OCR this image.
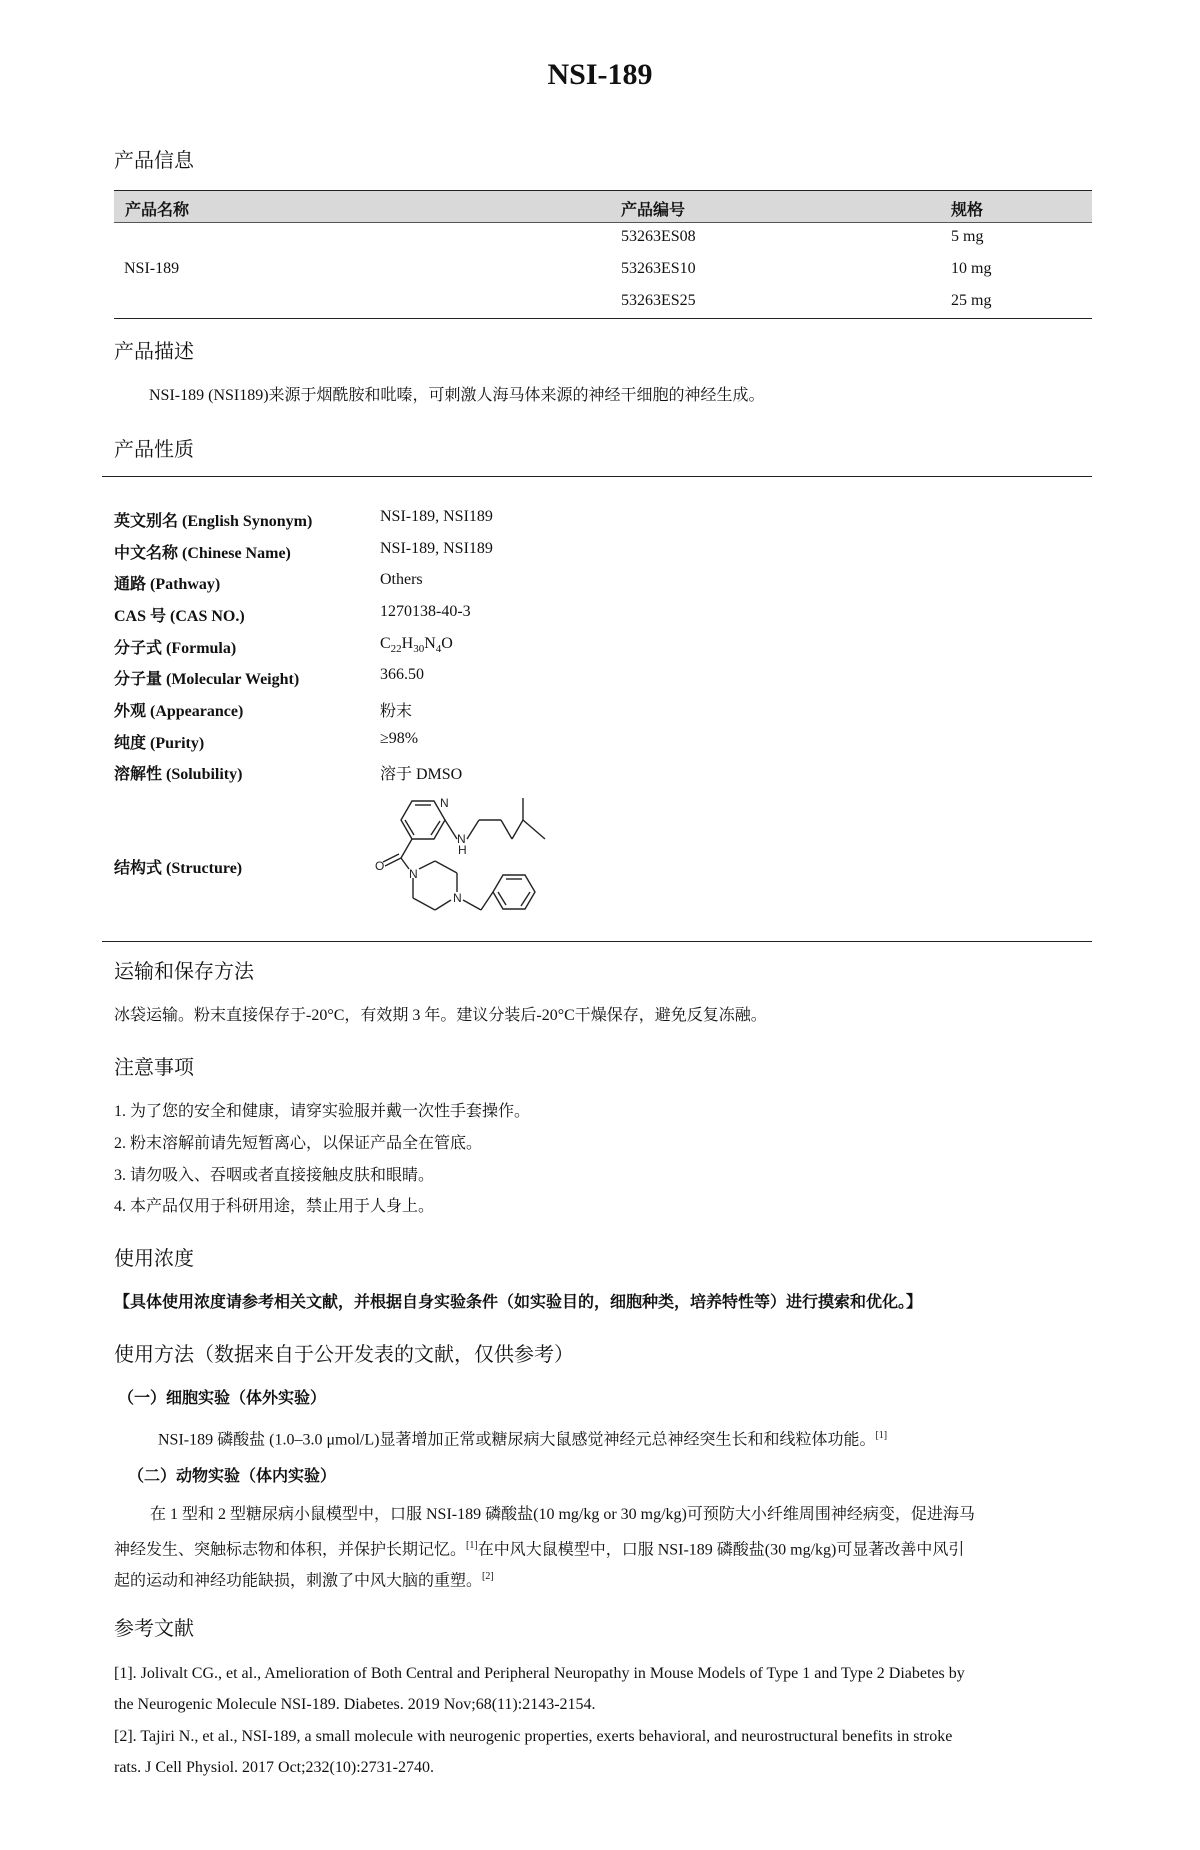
NSI-189
产品信息
产品名称	产品编号	规格
NSI-189
53263ES08	5 mg
53263ES10	10 mg
53263ES25	25 mg
产品描述
NSI-189 (NSI189)来源于烟酰胺和吡嗪，可刺激人海马体来源的神经干细胞的神经生成。
产品性质
英文别名 (English Synonym)	NSI-189, NSI189
中文名称 (Chinese Name)	NSI-189, NSI189
通路 (Pathway)	Others
CAS 号 (CAS NO.)	1270138-40-3
分子式 (Formula)	$C_{22}H_{30}N_4O$
分子量 (Molecular Weight)	366.50
外观 (Appearance)	粉末
纯度 (Purity)	≥98%
溶解性 (Solubility)	溶于 DMSO
结构式 (Structure)
N
N
H
O
N
N
运输和保存方法
冰袋运输。粉末直接保存于-20°C，有效期 3 年。建议分装后-20°C干燥保存，避免反复冻融。
注意事项
1. 为了您的安全和健康，请穿实验服并戴一次性手套操作。
2. 粉末溶解前请先短暂离心，以保证产品全在管底。
3. 请勿吸入、吞咽或者直接接触皮肤和眼睛。
4. 本产品仅用于科研用途，禁止用于人身上。
使用浓度
【具体使用浓度请参考相关文献，并根据自身实验条件（如实验目的，细胞种类，培养特性等）进行摸索和优化。】
使用方法（数据来自于公开发表的文献，仅供参考）
（一）细胞实验（体外实验）
NSI-189 磷酸盐 (1.0–3.0 μmol/L)显著增加正常或糖尿病大鼠感觉神经元总神经突生长和和线粒体功能。[1]
（二）动物实验（体内实验）
在 1 型和 2 型糖尿病小鼠模型中，口服 NSI-189 磷酸盐(10 mg/kg or 30 mg/kg)可预防大小纤维周围神经病变，促进海马
神经发生、突触标志物和体积，并保护长期记忆。[1]在中风大鼠模型中，口服 NSI-189 磷酸盐(30 mg/kg)可显著改善中风引
起的运动和神经功能缺损，刺激了中风大脑的重塑。[2]
参考文献
[1]. Jolivalt CG., et al., Amelioration of Both Central and Peripheral Neuropathy in Mouse Models of Type 1 and Type 2 Diabetes by
the Neurogenic Molecule NSI-189. Diabetes. 2019 Nov;68(11):2143-2154.
[2]. Tajiri N., et al., NSI-189, a small molecule with neurogenic properties, exerts behavioral, and neurostructural benefits in stroke
rats. J Cell Physiol. 2017 Oct;232(10):2731-2740.
